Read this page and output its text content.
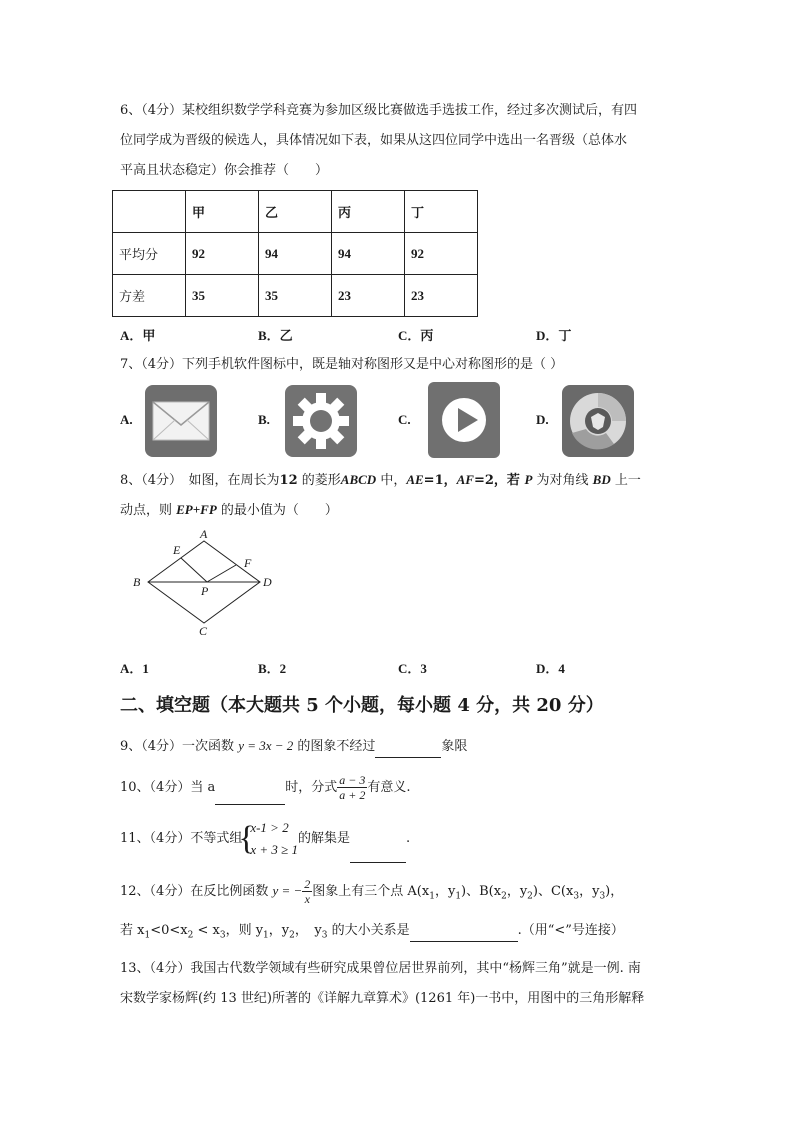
6、（4分）某校组织数学学科竞赛为参加区级比赛做选手选拔工作，经过多次测试后，有四
位同学成为晋级的候选人，具体情况如下表，如果从这四位同学中选出一名晋级（总体水
平高且状态稳定）你会推荐（　　）
	甲	乙	丙	丁
平均分	92	94	94	92
方差	35	35	23	23
A．甲	B．乙	C．丙	D．丁
7、（4分）下列手机软件图标中，既是轴对称图形又是中心对称图形的是（ ）
A.	B.	C.	D.
8、（4分）　如图，在周长为12 的菱形ABCD 中，AE=1，AF=2，若 P 为对角线 BD 上一
动点，则 EP+FP 的最小值为（　　）
A
B
C
D
E
F
P
A．1	B．2	C．3	D．4
二、填空题（本大题共 5 个小题，每小题 4 分，共 20 分）
9、（4分）一次函数 y = 3x − 2 的图象不经过	象限
10、（4分）当 a	时，分式 $\frac{a - 3}{a + 2}$ 有意义.
11、（4分）不等式组
{ x-1 > 2
x + 3 ≥ 1
的解集是	.
12、（4分）在反比例函数 y = − $\frac{2}{x}$ 图象上有三个点 $A(x_1$，$y_1$)、$B(x_2$，$y_2$)、$C(x_3$，$y_3$)，
若 $x_1<0<x_2 < x_3$，则 $y_1$，$y_2$，　$y_3$ 的大小关系是	.（用“<”号连接）
13、（4分）我国古代数学领域有些研究成果曾位居世界前列，其中“杨辉三角”就是一例. 南
宋数学家杨辉(约 13 世纪)所著的《详解九章算术》(1261 年)一书中，用图中的三角形解释
